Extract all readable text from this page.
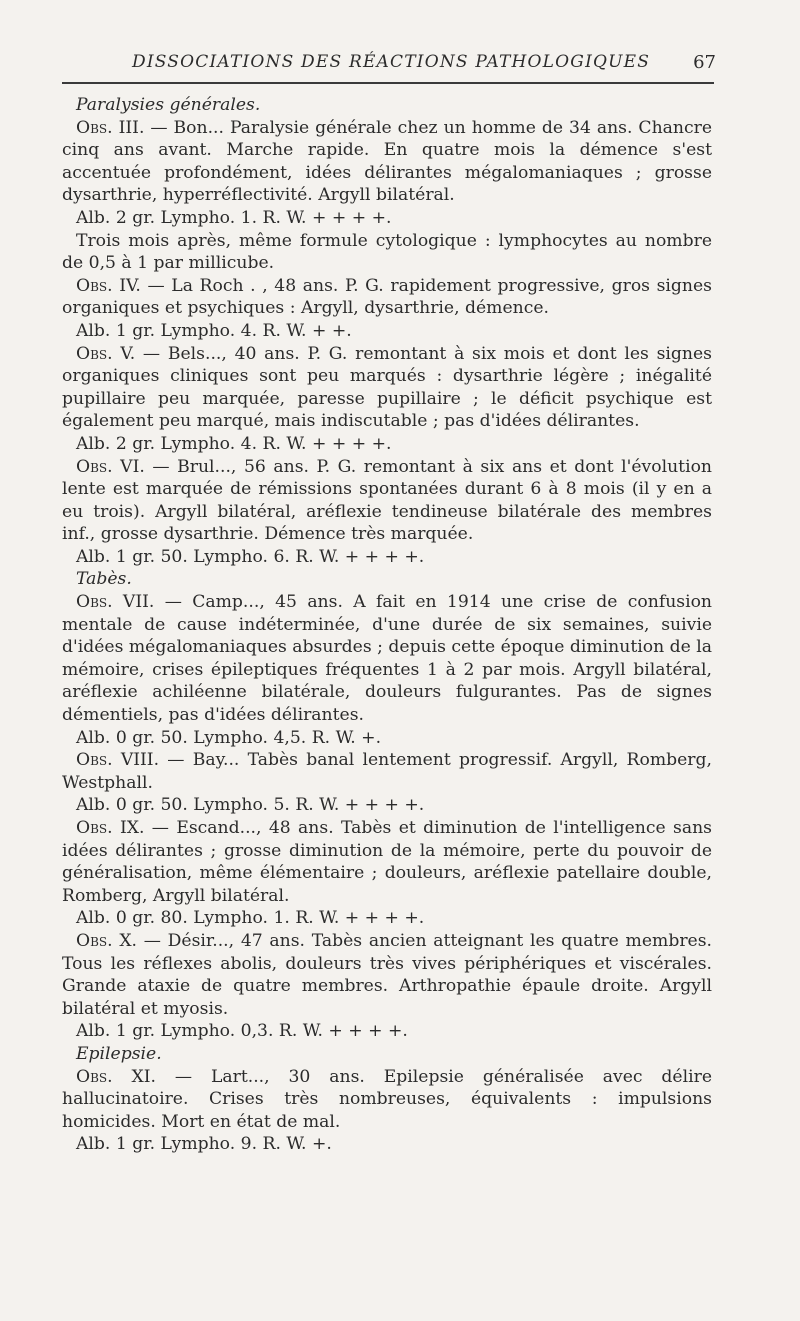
DISSOCIATIONS DES RÉACTIONS PATHOLOGIQUES 67

Paralysies générales.

Obs. III. — Bon... Paralysie générale chez un homme de 34 ans. Chancre cinq ans avant. Marche rapide. En quatre mois la démence s'est accentuée profondément, idées délirantes mégalomaniaques ; grosse dysarthrie, hyperréflectivité. Argyll bilatéral.

Alb. 2 gr. Lympho. 1. R. W. + + + +.

Trois mois après, même formule cytologique : lymphocytes au nombre de 0,5 à 1 par millicube.

Obs. IV. — La Roch . , 48 ans. P. G. rapidement progressive, gros signes organiques et psychiques : Argyll, dysarthrie, démence.

Alb. 1 gr. Lympho. 4. R. W. + +.

Obs. V. — Bels..., 40 ans. P. G. remontant à six mois et dont les signes organiques cliniques sont peu marqués : dysarthrie légère ; inégalité pupillaire peu marquée, paresse pupillaire ; le déficit psychique est également peu marqué, mais indiscutable ; pas d'idées délirantes.

Alb. 2 gr. Lympho. 4. R. W. + + + +.

Obs. VI. — Brul..., 56 ans. P. G. remontant à six ans et dont l'évolution lente est marquée de rémissions spontanées durant 6 à 8 mois (il y en a eu trois). Argyll bilatéral, aréflexie tendineuse bilatérale des membres inf., grosse dysarthrie. Démence très marquée.

Alb. 1 gr. 50. Lympho. 6. R. W. + + + +.

Tabès.

Obs. VII. — Camp..., 45 ans. A fait en 1914 une crise de confusion mentale de cause indéterminée, d'une durée de six semaines, suivie d'idées mégalomaniaques absurdes ; depuis cette époque diminution de la mémoire, crises épileptiques fréquentes 1 à 2 par mois. Argyll bilatéral, aréflexie achiléenne bilatérale, douleurs fulgurantes. Pas de signes démentiels, pas d'idées délirantes.

Alb. 0 gr. 50. Lympho. 4,5. R. W. +.

Obs. VIII. — Bay... Tabès banal lentement progressif. Argyll, Romberg, Westphall.

Alb. 0 gr. 50. Lympho. 5. R. W. + + + +.

Obs. IX. — Escand..., 48 ans. Tabès et diminution de l'intelligence sans idées délirantes ; grosse diminution de la mémoire, perte du pouvoir de généralisation, même élémentaire ; douleurs, aréflexie patellaire double, Romberg, Argyll bilatéral.

Alb. 0 gr. 80. Lympho. 1. R. W. + + + +.

Obs. X. — Désir..., 47 ans. Tabès ancien atteignant les quatre membres. Tous les réflexes abolis, douleurs très vives périphériques et viscérales. Grande ataxie de quatre membres. Arthropathie épaule droite. Argyll bilatéral et myosis.

Alb. 1 gr. Lympho. 0,3. R. W. + + + +.

Epilepsie.

Obs. XI. — Lart..., 30 ans. Epilepsie généralisée avec délire hallucinatoire. Crises très nombreuses, équivalents : impulsions homicides. Mort en état de mal.

Alb. 1 gr. Lympho. 9. R. W. +.
